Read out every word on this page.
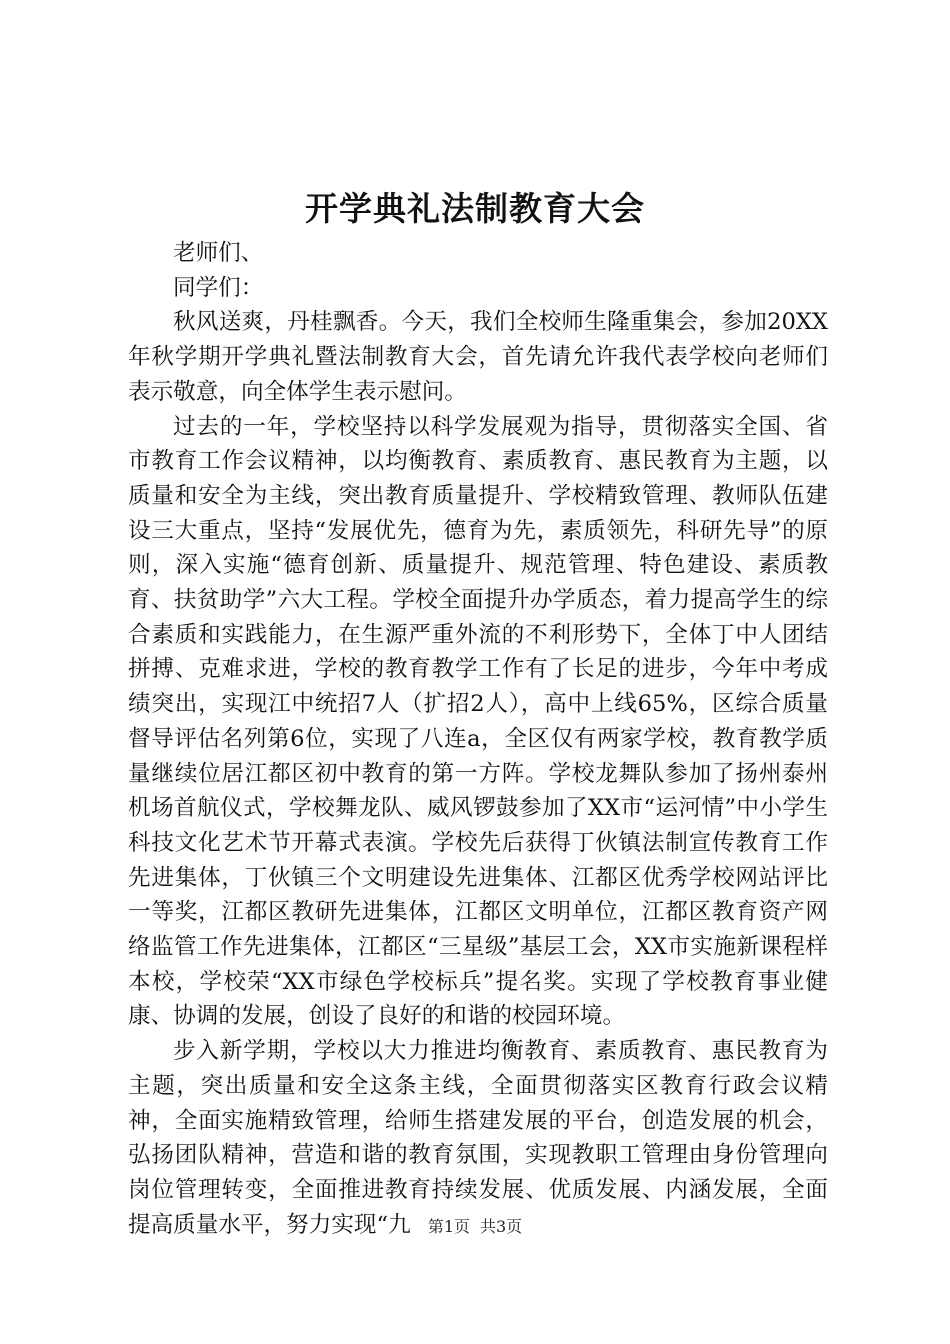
开学典礼法制教育大会

老师们、

同学们：

秋风送爽，丹桂飘香。今天，我们全校师生隆重集会，参加20XX年秋学期开学典礼暨法制教育大会，首先请允许我代表学校向老师们表示敬意，向全体学生表示慰问。

过去的一年，学校坚持以科学发展观为指导，贯彻落实全国、省市教育工作会议精神，以均衡教育、素质教育、惠民教育为主题，以质量和安全为主线，突出教育质量提升、学校精致管理、教师队伍建设三大重点，坚持“发展优先，德育为先，素质领先，科研先导”的原则，深入实施“德育创新、质量提升、规范管理、特色建设、素质教育、扶贫助学”六大工程。学校全面提升办学质态，着力提高学生的综合素质和实践能力，在生源严重外流的不利形势下，全体丁中人团结拼搏、克难求进，学校的教育教学工作有了长足的进步，今年中考成绩突出，实现江中统招7人（扩招2人），高中上线65%，区综合质量督导评估名列第6位，实现了八连a，全区仅有两家学校，教育教学质量继续位居江都区初中教育的第一方阵。学校龙舞队参加了扬州泰州机场首航仪式，学校舞龙队、威风锣鼓参加了XX市“运河情”中小学生科技文化艺术节开幕式表演。学校先后获得丁伙镇法制宣传教育工作先进集体，丁伙镇三个文明建设先进集体、江都区优秀学校网站评比一等奖，江都区教研先进集体，江都区文明单位，江都区教育资产网络监管工作先进集体，江都区“三星级”基层工会，XX市实施新课程样本校，学校荣“XX市绿色学校标兵”提名奖。实现了学校教育事业健康、协调的发展，创设了良好的和谐的校园环境。

步入新学期，学校以大力推进均衡教育、素质教育、惠民教育为主题，突出质量和安全这条主线，全面贯彻落实区教育行政会议精神，全面实施精致管理，给师生搭建发展的平台，创造发展的机会，弘扬团队精神，营造和谐的教育氛围，实现教职工管理由身份管理向岗位管理转变，全面推进教育持续发展、优质发展、内涵发展，全面提高质量水平，努力实现“九	第1页 共3页
